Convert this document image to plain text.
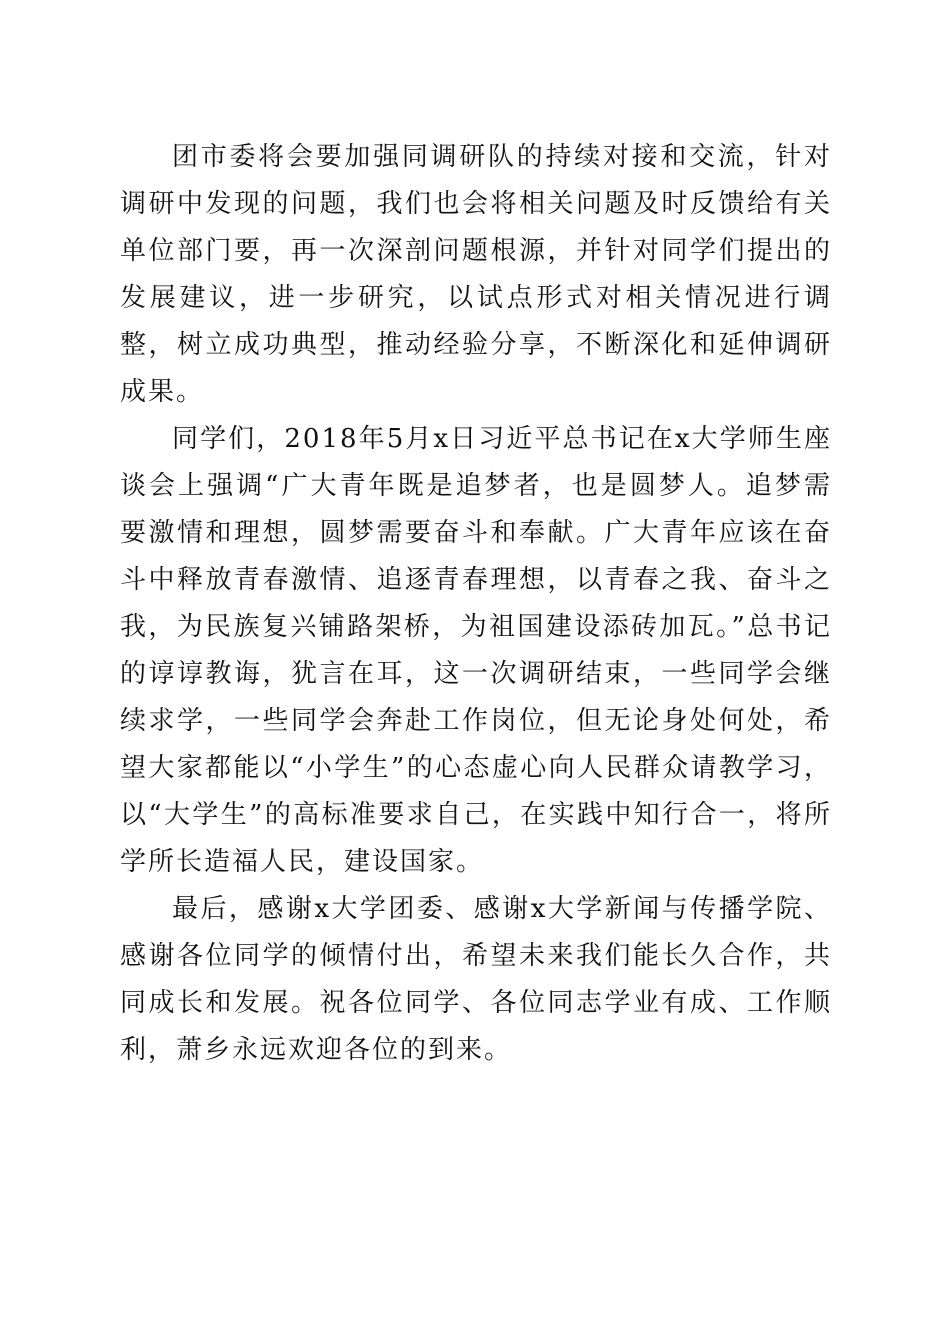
团市委将会要加强同调研队的持续对接和交流，针对调研中发现的问题，我们也会将相关问题及时反馈给有关单位部门要，再一次深剖问题根源，并针对同学们提出的发展建议，进一步研究，以试点形式对相关情况进行调整，树立成功典型，推动经验分享，不断深化和延伸调研成果。

同学们，2018年5月x日习近平总书记在x大学师生座谈会上强调“广大青年既是追梦者，也是圆梦人。追梦需要激情和理想，圆梦需要奋斗和奉献。广大青年应该在奋斗中释放青春激情、追逐青春理想，以青春之我、奋斗之我，为民族复兴铺路架桥，为祖国建设添砖加瓦。”总书记的谆谆教诲，犹言在耳，这一次调研结束，一些同学会继续求学，一些同学会奔赴工作岗位，但无论身处何处，希望大家都能以“小学生”的心态虚心向人民群众请教学习，以“大学生”的高标准要求自己，在实践中知行合一，将所学所长造福人民，建设国家。

最后，感谢x大学团委、感谢x大学新闻与传播学院、感谢各位同学的倾情付出，希望未来我们能长久合作，共同成长和发展。祝各位同学、各位同志学业有成、工作顺利，萧乡永远欢迎各位的到来。
